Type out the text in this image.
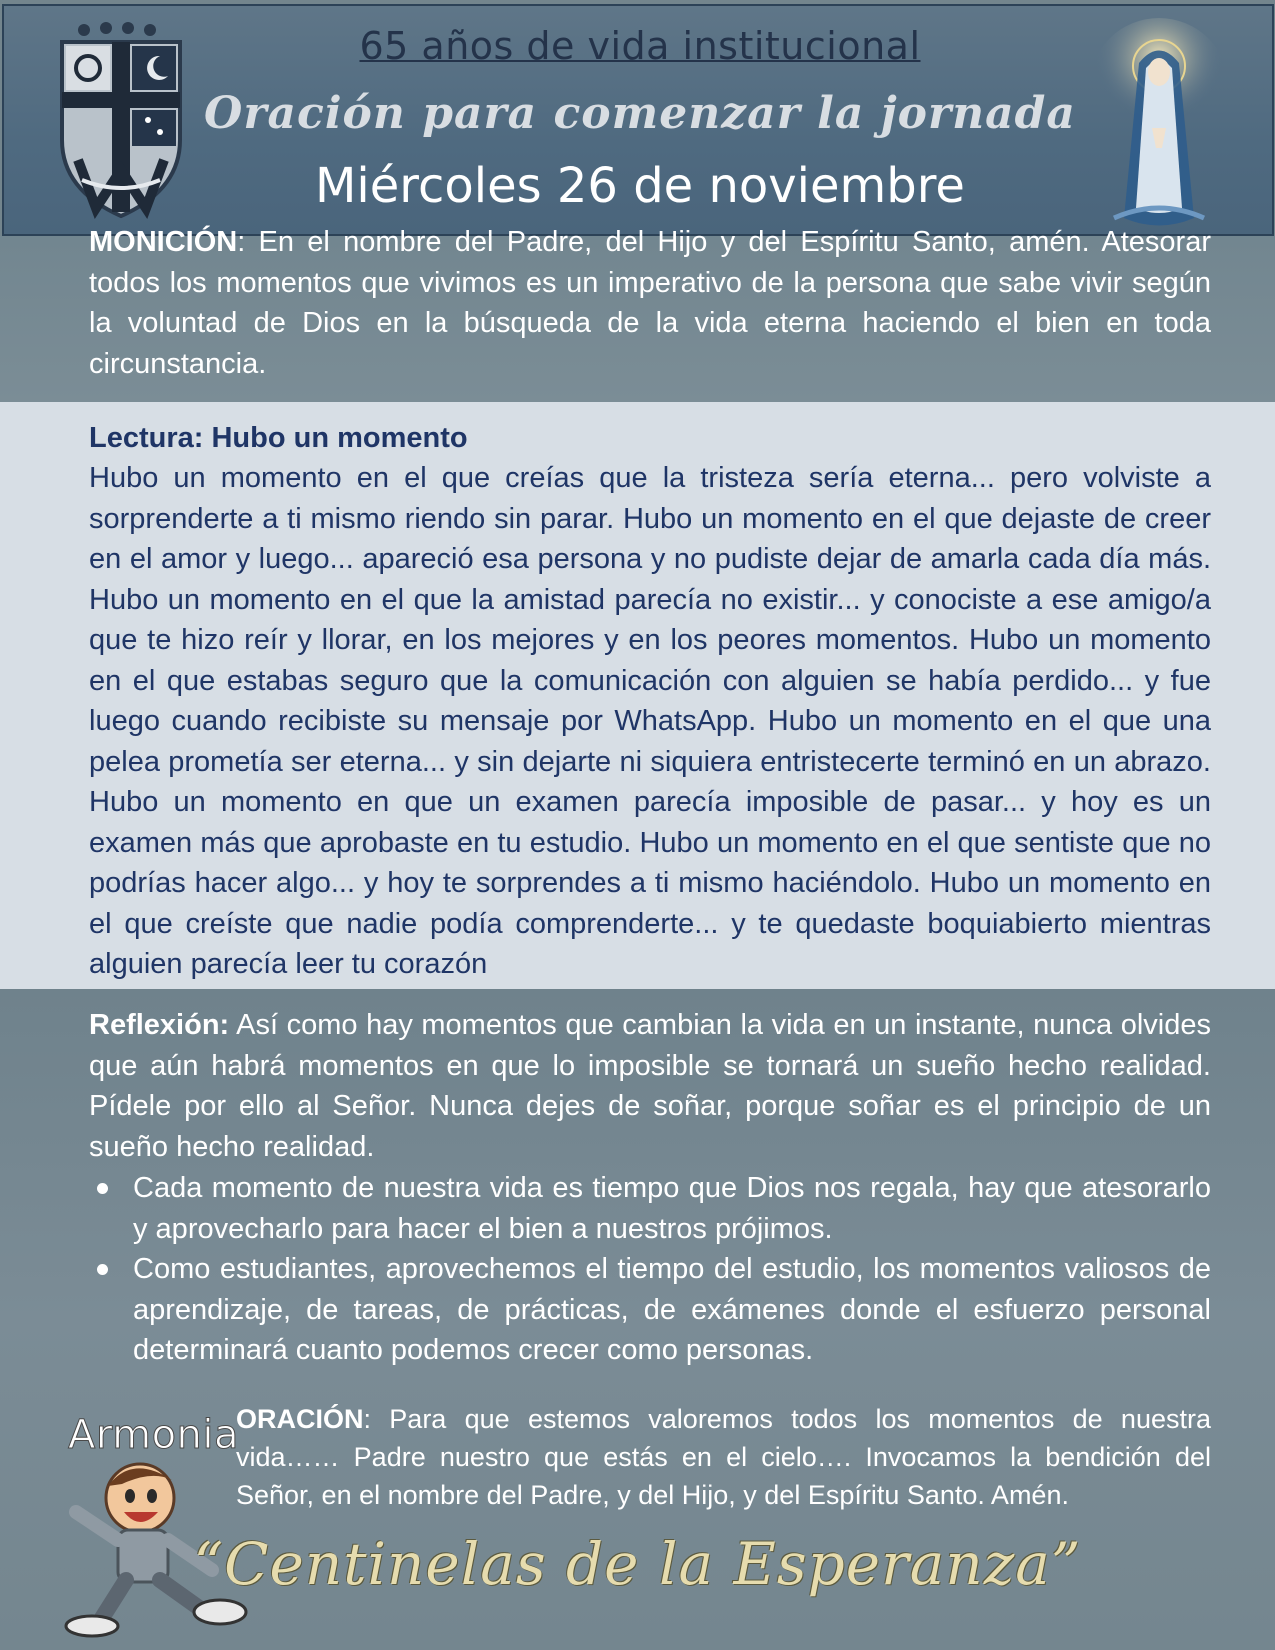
65 años de vida institucional
Oración para comenzar la jornada
Miércoles 26 de noviembre

MONICIÓN: En el nombre del Padre, del Hijo y del Espíritu Santo, amén. Atesorar todos los momentos que vivimos es un imperativo de la persona que sabe vivir según la voluntad de Dios en la búsqueda de la vida eterna haciendo el bien en toda circunstancia.

Lectura: Hubo un momento

Hubo un momento en el que creías que la tristeza sería eterna... pero volviste a sorprenderte a ti mismo riendo sin parar. Hubo un momento en el que dejaste de creer en el amor y luego... apareció esa persona y no pudiste dejar de amarla cada día más. Hubo un momento en el que la amistad parecía no existir... y conociste a ese amigo/a que te hizo reír y llorar, en los mejores y en los peores momentos. Hubo un momento en el que estabas seguro que la comunicación con alguien se había perdido... y fue luego cuando recibiste su mensaje por WhatsApp. Hubo un momento en el que una pelea prometía ser eterna... y sin dejarte ni siquiera entristecerte terminó en un abrazo. Hubo un momento en que un examen parecía imposible de pasar... y hoy es un examen más que aprobaste en tu estudio. Hubo un momento en el que sentiste que no podrías hacer algo... y hoy te sorprendes a ti mismo haciéndolo. Hubo un momento en el que creíste que nadie podía comprenderte... y te quedaste boquiabierto mientras alguien parecía leer tu corazón

Reflexión: Así como hay momentos que cambian la vida en un instante, nunca olvides que aún habrá momentos en que lo imposible se tornará un sueño hecho realidad. Pídele por ello al Señor. Nunca dejes de soñar, porque soñar es el principio de un sueño hecho realidad.

Cada momento de nuestra vida es tiempo que Dios nos regala, hay que atesorarlo y aprovecharlo para hacer el bien a nuestros prójimos.
Como estudiantes, aprovechemos el tiempo del estudio, los momentos valiosos de aprendizaje, de tareas, de prácticas, de exámenes donde el esfuerzo personal determinará cuanto podemos crecer como personas.
Armonia

ORACIÓN: Para que estemos valoremos todos los momentos de nuestra vida…… Padre nuestro que estás en el cielo…. Invocamos la bendición del Señor, en el nombre del Padre, y del Hijo, y del Espíritu Santo. Amén.

“Centinelas de la Esperanza”
